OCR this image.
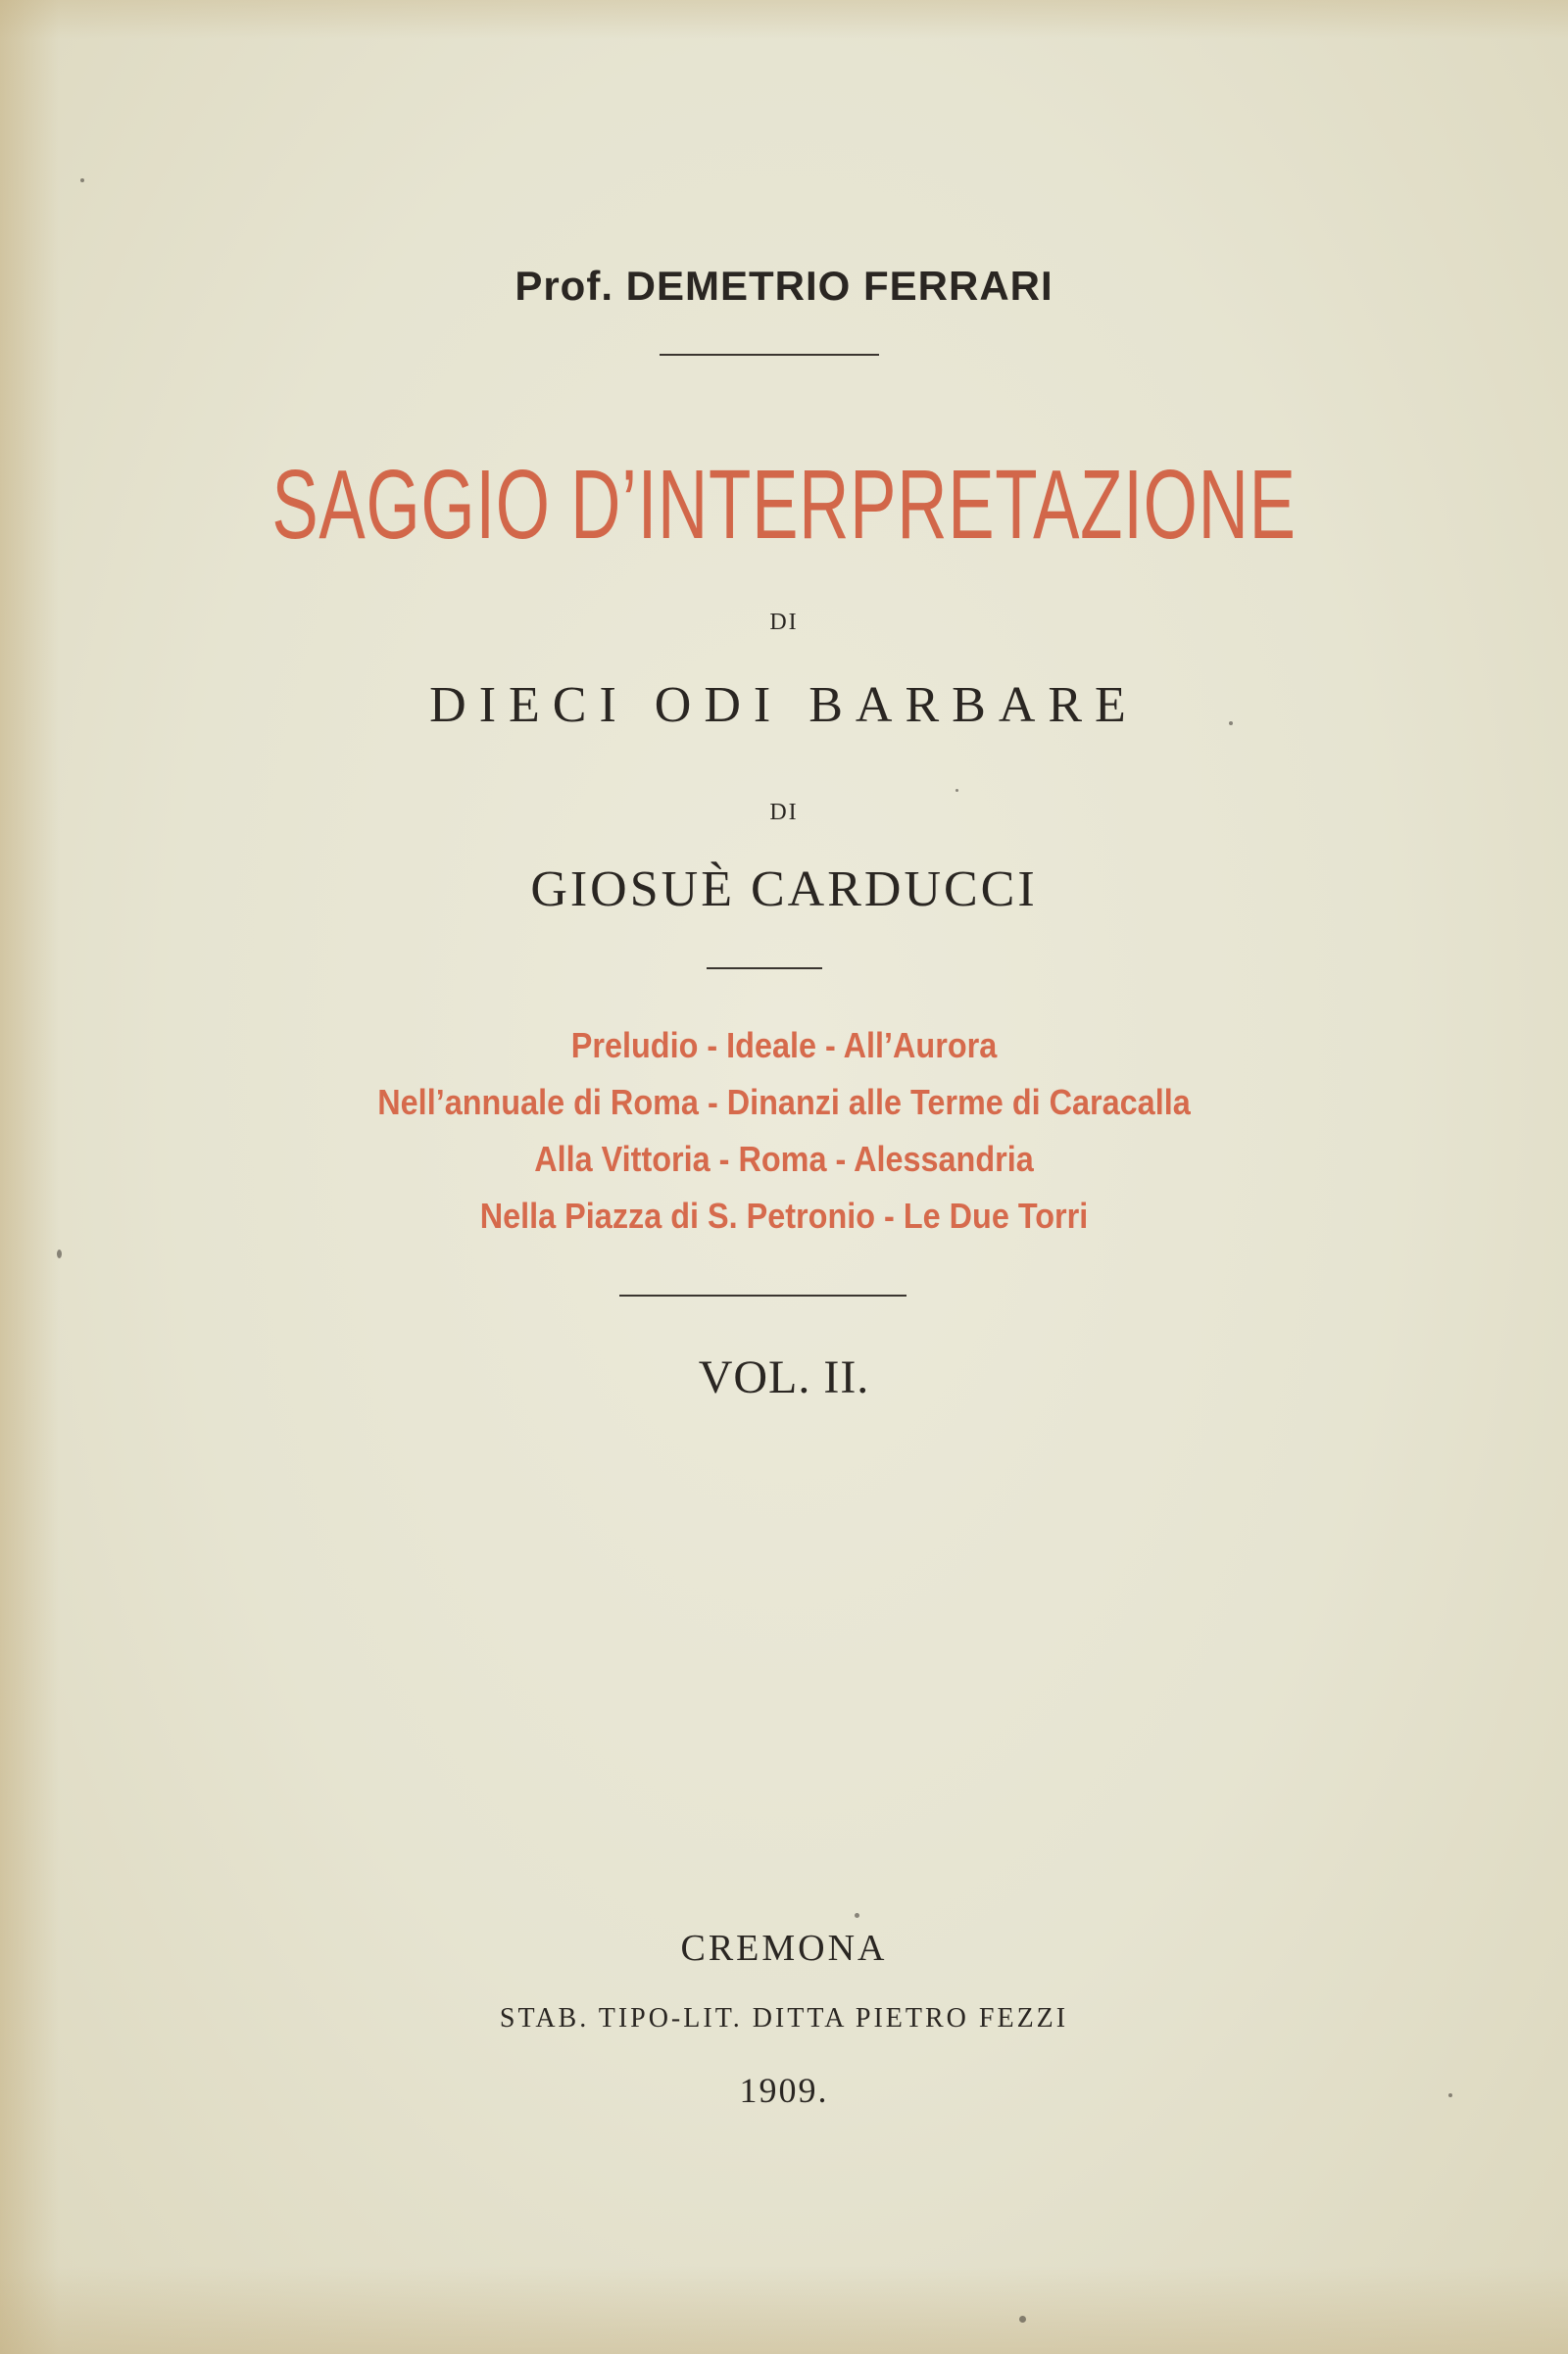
Prof. DEMETRIO FERRARI

SAGGIO D’INTERPRETAZIONE

DI

DIECI ODI BARBARE

DI

GIOSUÈ CARDUCCI

Preludio - Ideale - All’Aurora

Nell’annuale di Roma - Dinanzi alle Terme di Caracalla

Alla Vittoria - Roma - Alessandria

Nella Piazza di S. Petronio - Le Due Torri

VOL. II.

CREMONA

STAB. TIPO-LIT. DITTA PIETRO FEZZI

1909.
